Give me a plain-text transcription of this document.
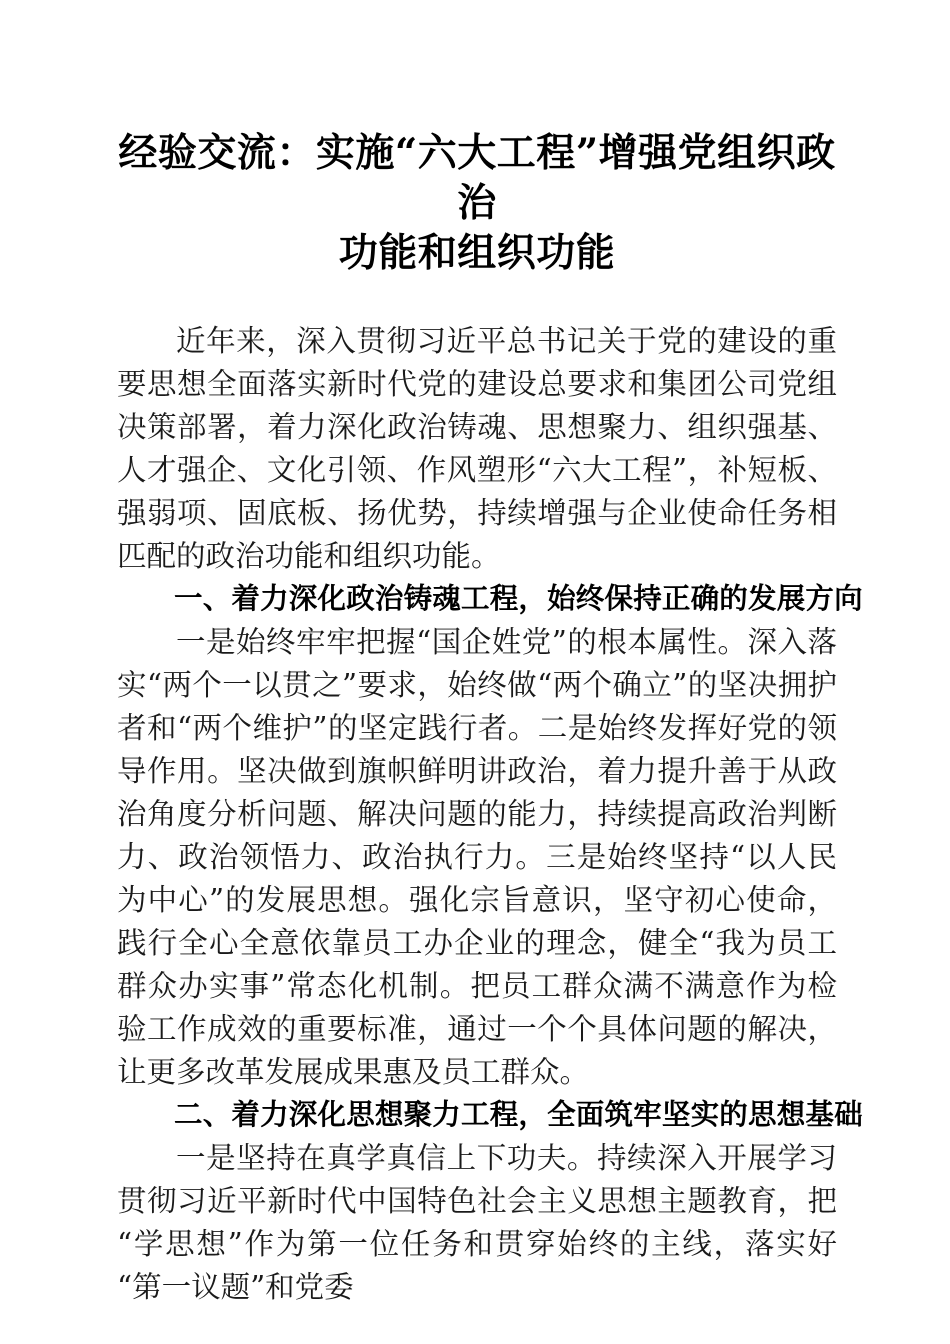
经验交流：实施“六大工程”增强党组织政治
功能和组织功能

近年来，深入贯彻习近平总书记关于党的建设的重要思想全面落实新时代党的建设总要求和集团公司党组决策部署，着力深化政治铸魂、思想聚力、组织强基、人才强企、文化引领、作风塑形“六大工程”，补短板、强弱项、固底板、扬优势，持续增强与企业使命任务相匹配的政治功能和组织功能。

一、着力深化政治铸魂工程，始终保持正确的发展方向

一是始终牢牢把握“国企姓党”的根本属性。深入落实“两个一以贯之”要求，始终做“两个确立”的坚决拥护者和“两个维护”的坚定践行者。二是始终发挥好党的领导作用。坚决做到旗帜鲜明讲政治，着力提升善于从政治角度分析问题、解决问题的能力，持续提高政治判断力、政治领悟力、政治执行力。三是始终坚持“以人民为中心”的发展思想。强化宗旨意识，坚守初心使命，践行全心全意依靠员工办企业的理念，健全“我为员工群众办实事”常态化机制。把员工群众满不满意作为检验工作成效的重要标准，通过一个个具体问题的解决，让更多改革发展成果惠及员工群众。

二、着力深化思想聚力工程，全面筑牢坚实的思想基础

一是坚持在真学真信上下功夫。持续深入开展学习贯彻习近平新时代中国特色社会主义思想主题教育，把“学思想”作为第一位任务和贯穿始终的主线，落实好“第一议题”和党委
